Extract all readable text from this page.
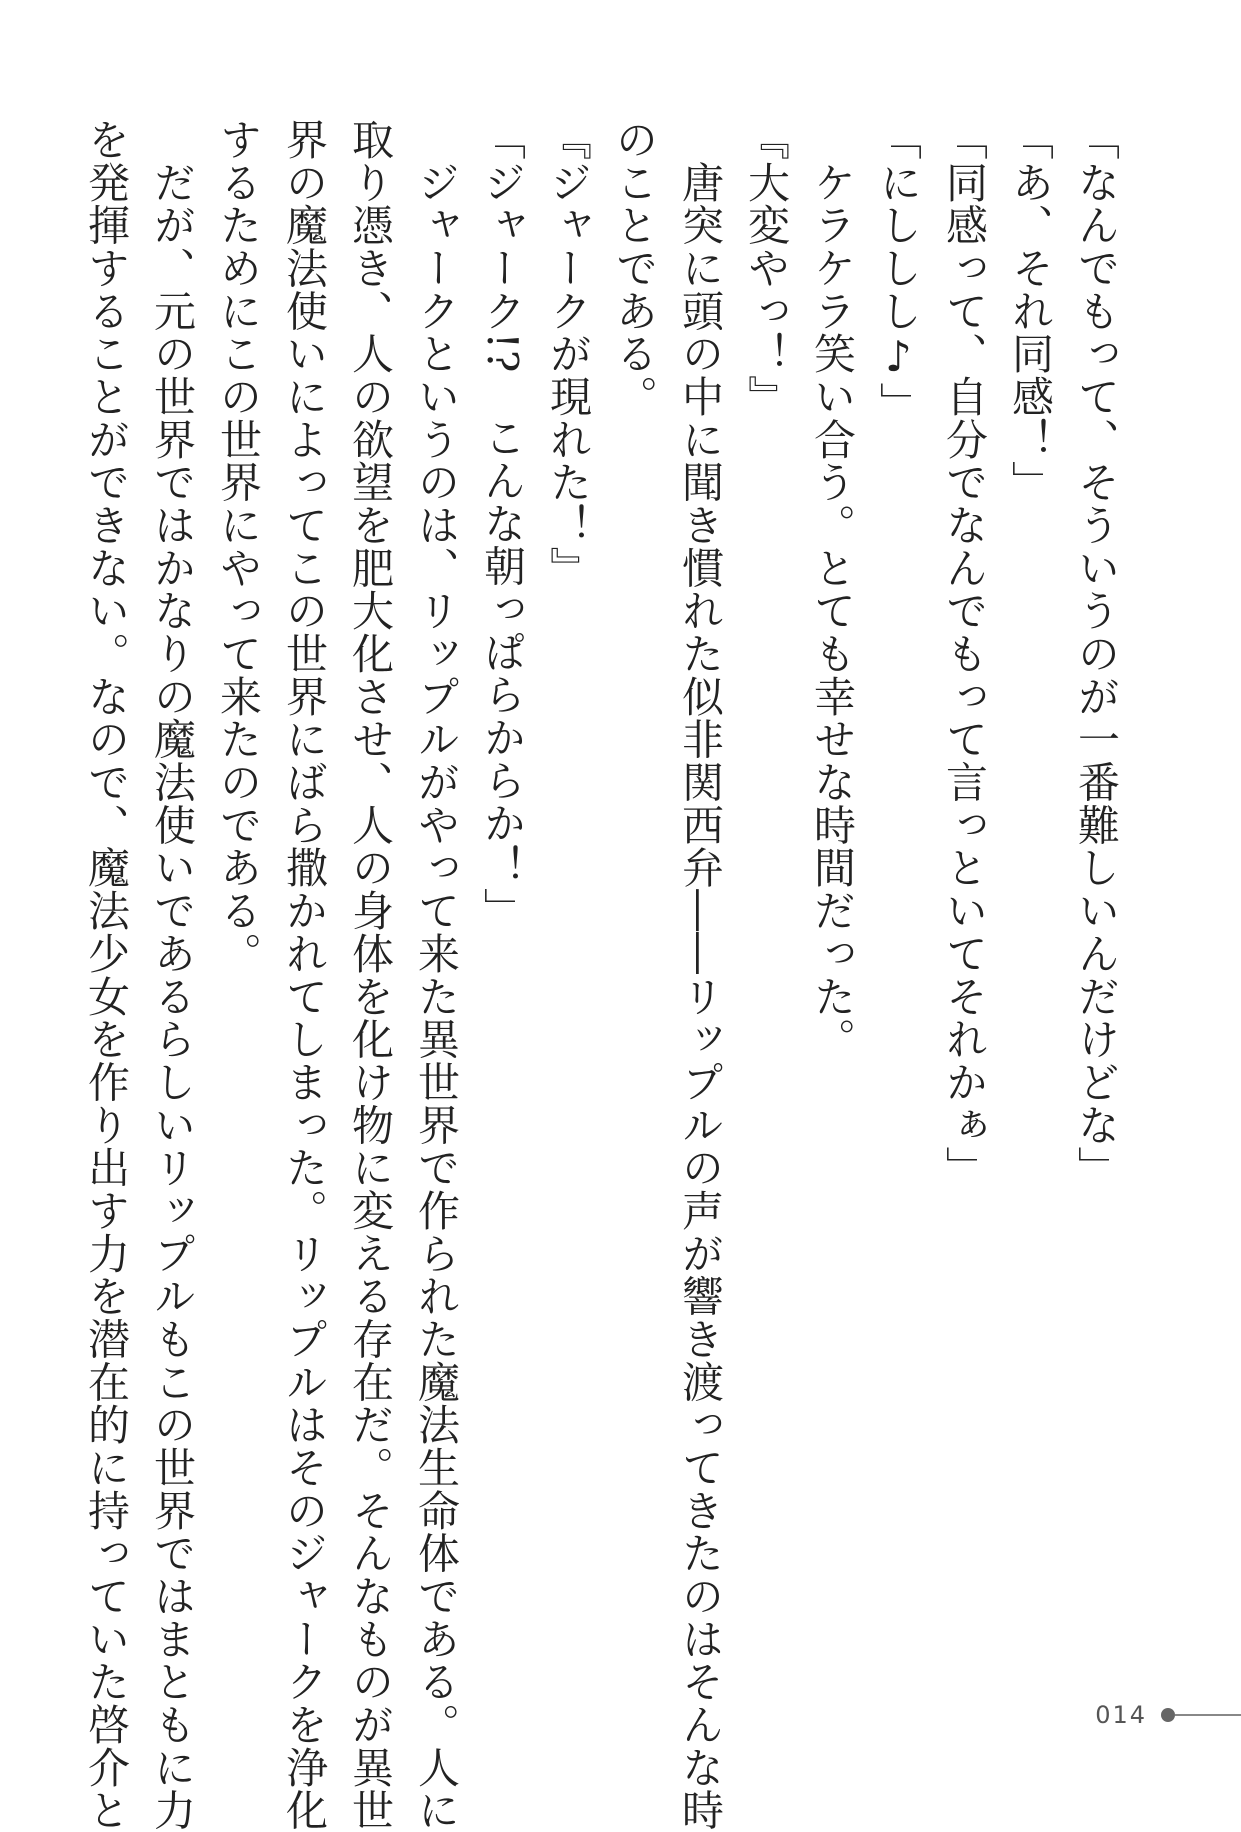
「なんでもって、そういうのが一番難しいんだけどな」

「あ、それ同感！」

「同感って、自分でなんでもって言っといてそれかぁ」

「にししし♪」

　ケラケラ笑い合う。とても幸せな時間だった。

『大変やっ！』

　唐突に頭の中に聞き慣れた似非関西弁――リップルの声が響き渡ってきたのはそんな時

のことである。

『ジャークが現れた！』

「ジャーク!?　こんな朝っぱらからか！」

　ジャークというのは、リップルがやって来た異世界で作られた魔法生命体である。人に

取り憑き、人の欲望を肥大化させ、人の身体を化け物に変える存在だ。そんなものが異世

界の魔法使いによってこの世界にばら撒かれてしまった。リップルはそのジャークを浄化

するためにこの世界にやって来たのである。

　だが、元の世界ではかなりの魔法使いであるらしいリップルもこの世界ではまともに力

を発揮することができない。なので、魔法少女を作り出す力を潜在的に持っていた啓介と	014
